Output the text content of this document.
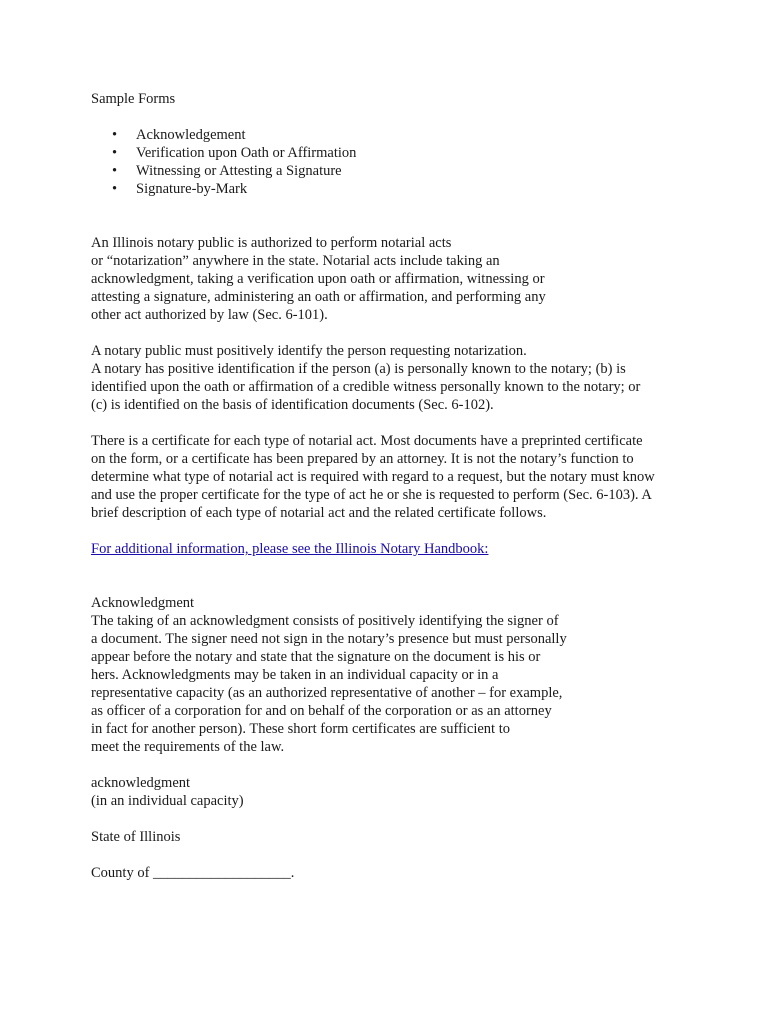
Sample Forms
• Acknowledgement
• Verification upon Oath or Affirmation
• Witnessing or Attesting a Signature
• Signature-by-Mark
An Illinois notary public is authorized to perform notarial acts
or “notarization” anywhere in the state. Notarial acts include taking an
acknowledgment, taking a verification upon oath or affirmation, witnessing or
attesting a signature, administering an oath or affirmation, and performing any
other act authorized by law (Sec. 6-101).
A notary public must positively identify the person requesting notarization.
A notary has positive identification if the person (a) is personally known to the notary; (b) is
identified upon the oath or affirmation of a credible witness personally known to the notary; or
(c) is identified on the basis of identification documents (Sec. 6-102).
There is a certificate for each type of notarial act. Most documents have a preprinted certificate
on the form, or a certificate has been prepared by an attorney. It is not the notary’s function to
determine what type of notarial act is required with regard to a request, but the notary must know
and use the proper certificate for the type of act he or she is requested to perform (Sec. 6-103). A
brief description of each type of notarial act and the related certificate follows.
For additional information, please see the Illinois Notary Handbook:
Acknowledgment
The taking of an acknowledgment consists of positively identifying the signer of
a document. The signer need not sign in the notary’s presence but must personally
appear before the notary and state that the signature on the document is his or
hers. Acknowledgments may be taken in an individual capacity or in a
representative capacity (as an authorized representative of another – for example,
as officer of a corporation for and on behalf of the corporation or as an attorney
in fact for another person). These short form certificates are sufficient to
meet the requirements of the law.
acknowledgment
(in an individual capacity)
State of Illinois
County of ___________________.
